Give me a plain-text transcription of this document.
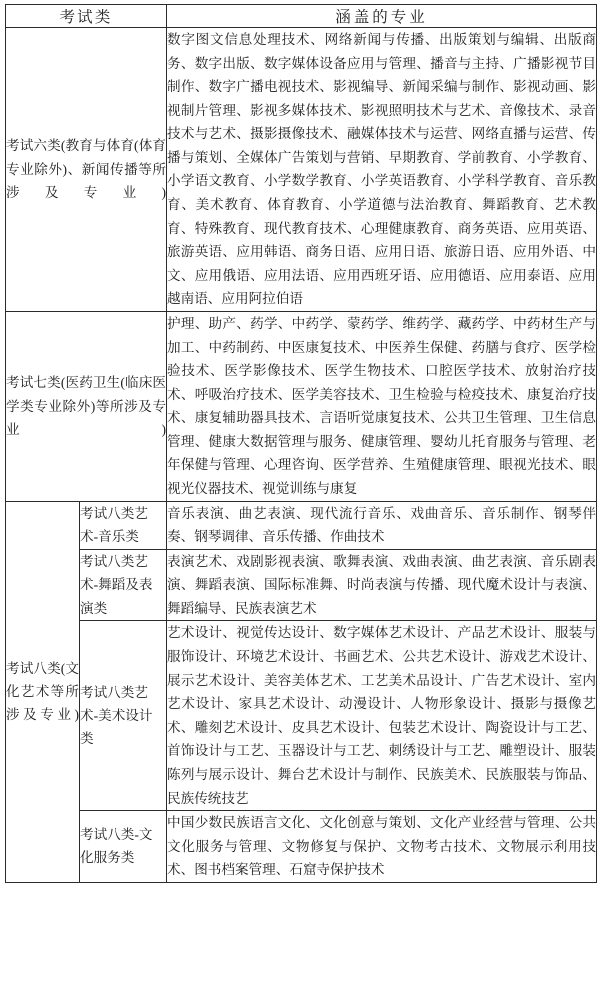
考试类		涵盖的专业

考试六类(教育与体育(体育专业除外)、新闻传播等所涉及专业)		数字图文信息处理技术、网络新闻与传播、出版策划与编辑、出版商务、数字出版、数字媒体设备应用与管理、播音与主持、广播影视节目制作、数字广播电视技术、影视编导、新闻采编与制作、影视动画、影视制片管理、影视多媒体技术、影视照明技术与艺术、音像技术、录音技术与艺术、摄影摄像技术、融媒体技术与运营、网络直播与运营、传播与策划、全媒体广告策划与营销、早期教育、学前教育、小学教育、小学语文教育、小学数学教育、小学英语教育、小学科学教育、音乐教育、美术教育、体育教育、小学道德与法治教育、舞蹈教育、艺术教育、特殊教育、现代教育技术、心理健康教育、商务英语、应用英语、旅游英语、应用韩语、商务日语、应用日语、旅游日语、应用外语、中文、应用俄语、应用法语、应用西班牙语、应用德语、应用泰语、应用越南语、应用阿拉伯语

考试七类(医药卫生(临床医学类专业除外)等所涉及专业)		护理、助产、药学、中药学、蒙药学、维药学、藏药学、中药材生产与加工、中药制药、中医康复技术、中医养生保健、药膳与食疗、医学检验技术、医学影像技术、医学生物技术、口腔医学技术、放射治疗技术、呼吸治疗技术、医学美容技术、卫生检验与检疫技术、康复治疗技术、康复辅助器具技术、言语听觉康复技术、公共卫生管理、卫生信息管理、健康大数据管理与服务、健康管理、婴幼儿托育服务与管理、老年保健与管理、心理咨询、医学营养、生殖健康管理、眼视光技术、眼视光仪器技术、视觉训练与康复

考试八类(文化艺术等所涉及专业)	考试八类艺术-音乐类	音乐表演、曲艺表演、现代流行音乐、戏曲音乐、音乐制作、钢琴伴奏、钢琴调律、音乐传播、作曲技术
	考试八类艺术-舞蹈及表演类	表演艺术、戏剧影视表演、歌舞表演、戏曲表演、曲艺表演、音乐剧表演、舞蹈表演、国际标准舞、时尚表演与传播、现代魔术设计与表演、舞蹈编导、民族表演艺术
	考试八类艺术-美术设计类	艺术设计、视觉传达设计、数字媒体艺术设计、产品艺术设计、服装与服饰设计、环境艺术设计、书画艺术、公共艺术设计、游戏艺术设计、展示艺术设计、美容美体艺术、工艺美术品设计、广告艺术设计、室内艺术设计、家具艺术设计、动漫设计、人物形象设计、摄影与摄像艺术、雕刻艺术设计、皮具艺术设计、包装艺术设计、陶瓷设计与工艺、首饰设计与工艺、玉器设计与工艺、刺绣设计与工艺、雕塑设计、服装陈列与展示设计、舞台艺术设计与制作、民族美术、民族服装与饰品、民族传统技艺
	考试八类-文化服务类	中国少数民族语言文化、文化创意与策划、文化产业经营与管理、公共文化服务与管理、文物修复与保护、文物考古技术、文物展示利用技术、图书档案管理、石窟寺保护技术
